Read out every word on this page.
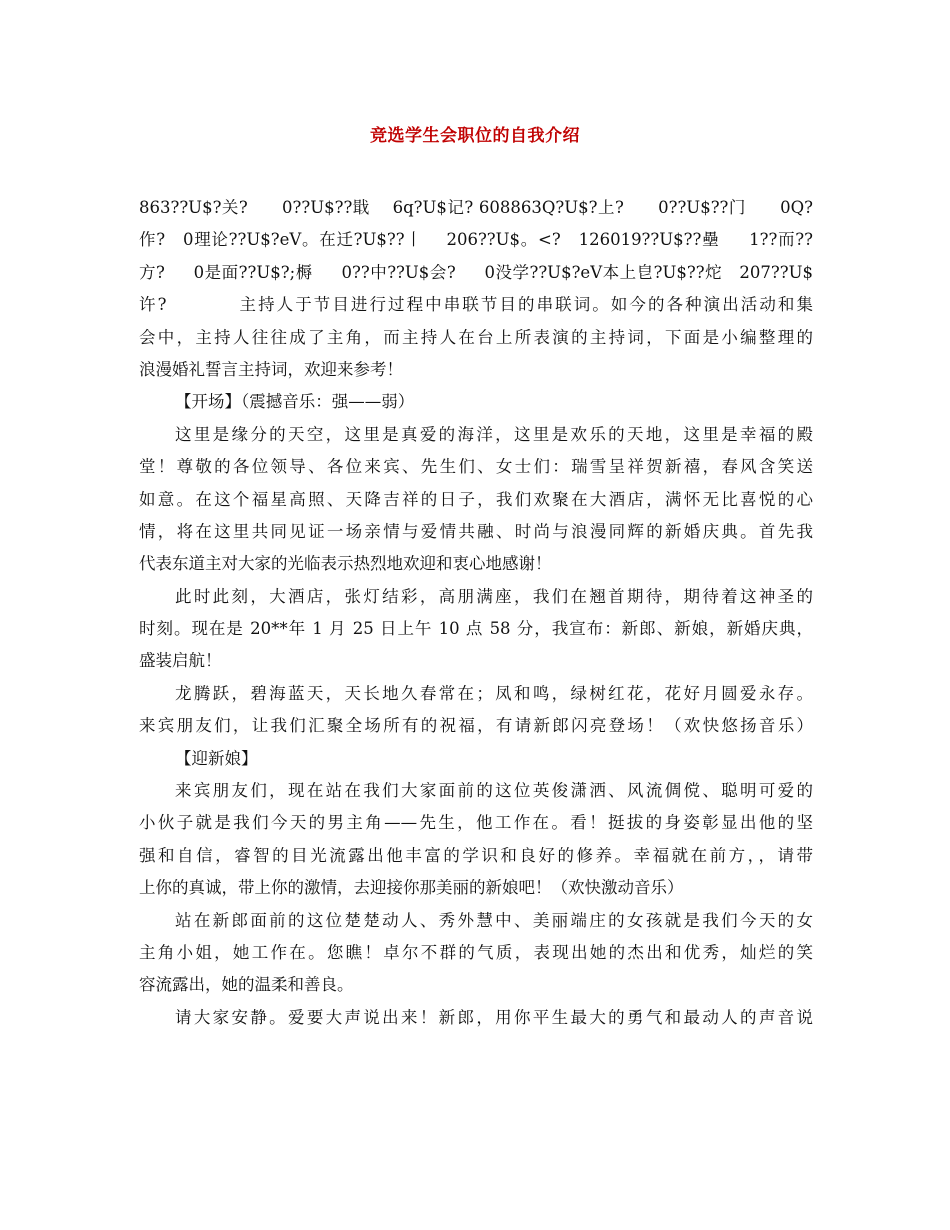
竞选学生会职位的自我介绍
863??U$?关?      0??U$??戢    6q?U$记? 608863Q?U$?上?      0??U$??门      0Q?
作?   0理论??U$?eV。在迁?U$??丨    206??U$。<?   126019??U$??壘     1??而??
方?     0是面??U$?;槈     0??中??U$会?     0没学??U$?eV本上皀?U$??炨   207??U$
许?          主持人于节目进行过程中串联节目的串联词。如今的各种演出活动和集
会中，主持人往往成了主角，而主持人在台上所表演的主持词，下面是小编整理的
浪漫婚礼誓言主持词，欢迎来参考！
【开场】（震撼音乐：强——弱）
这里是缘分的天空，这里是真爱的海洋，这里是欢乐的天地，这里是幸福的殿
堂！尊敬的各位领导、各位来宾、先生们、女士们：瑞雪呈祥贺新禧，春风含笑送
如意。在这个福星高照、天降吉祥的日子，我们欢聚在大酒店，满怀无比喜悦的心
情，将在这里共同见证一场亲情与爱情共融、时尚与浪漫同辉的新婚庆典。首先我
代表东道主对大家的光临表示热烈地欢迎和衷心地感谢！
此时此刻，大酒店，张灯结彩，高朋满座，我们在翘首期待，期待着这神圣的
时刻。现在是 20**年 1 月 25 日上午 10 点 58 分，我宣布：新郎、新娘，新婚庆典，
盛装启航！
龙腾跃，碧海蓝天，天长地久春常在；凤和鸣，绿树红花，花好月圆爱永存。
来宾朋友们，让我们汇聚全场所有的祝福，有请新郎闪亮登场！（欢快悠扬音乐）
【迎新娘】
来宾朋友们，现在站在我们大家面前的这位英俊潇洒、风流倜傥、聪明可爱的
小伙子就是我们今天的男主角——先生，他工作在。看！挺拔的身姿彰显出他的坚
强和自信，睿智的目光流露出他丰富的学识和良好的修养。幸福就在前方，，请带
上你的真诚，带上你的激情，去迎接你那美丽的新娘吧！（欢快激动音乐）
站在新郎面前的这位楚楚动人、秀外慧中、美丽端庄的女孩就是我们今天的女
主角小姐，她工作在。您瞧！卓尔不群的气质，表现出她的杰出和优秀，灿烂的笑
容流露出，她的温柔和善良。
请大家安静。爱要大声说出来！新郎，用你平生最大的勇气和最动人的声音说
